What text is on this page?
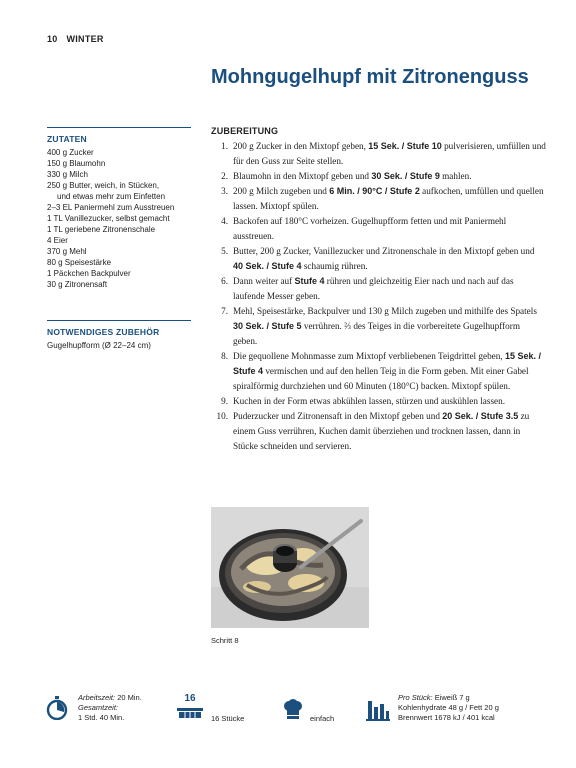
10 WINTER
Mohngugelhupf mit Zitronenguss
ZUTATEN
400 g Zucker
150 g Blaumohn
330 g Milch
250 g Butter, weich, in Stücken,
und etwas mehr zum Einfetten
2–3 EL Paniermehl zum Ausstreuen
1 TL Vanillezucker, selbst gemacht
1 TL geriebene Zitronenschale
4 Eier
370 g Mehl
80 g Speisestärke
1 Päckchen Backpulver
30 g Zitronensaft
NOTWENDIGES ZUBEHÖR
Gugelhupfform (Ø 22–24 cm)
ZUBEREITUNG
1. 200 g Zucker in den Mixtopf geben, 15 Sek. / Stufe 10 pulverisieren, umfüllen und für den Guss zur Seite stellen.
2. Blaumohn in den Mixtopf geben und 30 Sek. / Stufe 9 mahlen.
3. 200 g Milch zugeben und 6 Min. / 90°C / Stufe 2 aufkochen, umfüllen und quellen lassen. Mixtopf spülen.
4. Backofen auf 180°C vorheizen. Gugelhupfform fetten und mit Paniermehl ausstreuen.
5. Butter, 200 g Zucker, Vanillezucker und Zitronenschale in den Mixtopf geben und 40 Sek. / Stufe 4 schaumig rühren.
6. Dann weiter auf Stufe 4 rühren und gleichzeitig Eier nach und nach auf das laufende Messer geben.
7. Mehl, Speisestärke, Backpulver und 130 g Milch zugeben und mithilfe des Spatels 30 Sek. / Stufe 5 verrühren. ⅔ des Teiges in die vorbereitete Gugelhupfform geben.
8. Die gequollene Mohnmasse zum Mixtopf verbliebenen Teigdrittel geben, 15 Sek. / Stufe 4 vermischen und auf den hellen Teig in die Form geben. Mit einer Gabel spiralförmig durchziehen und 60 Minuten (180°C) backen. Mixtopf spülen.
9. Kuchen in der Form etwas abkühlen lassen, stürzen und auskühlen lassen.
10. Puderzucker und Zitronensaft in den Mixtopf geben und 20 Sek. / Stufe 3.5 zu einem Guss verrühren, Kuchen damit überziehen und trocknen lassen, dann in Stücke schneiden und servieren.
Schritt 8
Arbeitszeit: 20 Min.
Gesamtzeit:
1 Std. 40 Min.
16
16 Stücke	einfach
Pro Stück: Eiweiß 7 g
Kohlenhydrate 48 g / Fett 20 g
Brennwert 1678 kJ / 401 kcal
